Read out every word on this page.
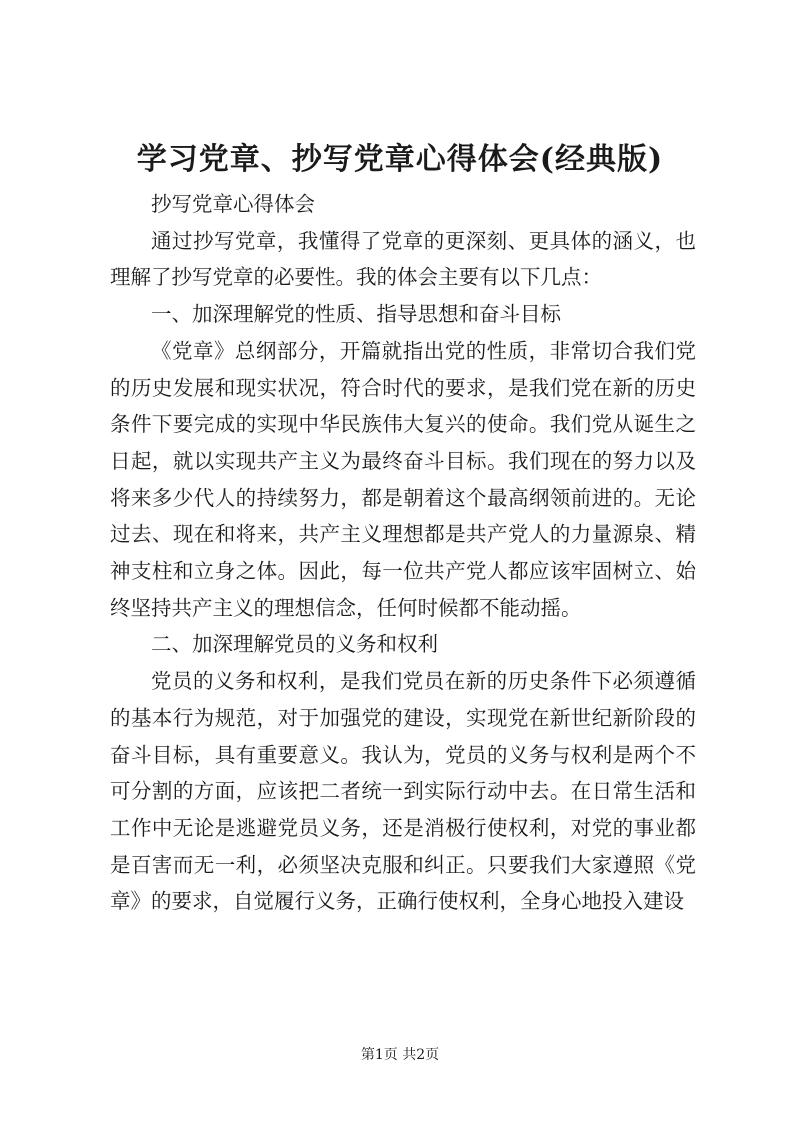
学习党章、抄写党章心得体会(经典版)

抄写党章心得体会

通过抄写党章，我懂得了党章的更深刻、更具体的涵义，也理解了抄写党章的必要性。我的体会主要有以下几点：

一、加深理解党的性质、指导思想和奋斗目标

《党章》总纲部分，开篇就指出党的性质，非常切合我们党的历史发展和现实状况，符合时代的要求，是我们党在新的历史条件下要完成的实现中华民族伟大复兴的使命。我们党从诞生之日起，就以实现共产主义为最终奋斗目标。我们现在的努力以及将来多少代人的持续努力，都是朝着这个最高纲领前进的。无论过去、现在和将来，共产主义理想都是共产党人的力量源泉、精神支柱和立身之体。因此，每一位共产党人都应该牢固树立、始终坚持共产主义的理想信念，任何时候都不能动摇。

二、加深理解党员的义务和权利

党员的义务和权利，是我们党员在新的历史条件下必须遵循的基本行为规范，对于加强党的建设，实现党在新世纪新阶段的奋斗目标，具有重要意义。我认为，党员的义务与权利是两个不可分割的方面，应该把二者统一到实际行动中去。在日常生活和工作中无论是逃避党员义务，还是消极行使权利，对党的事业都是百害而无一利，必须坚决克服和纠正。只要我们大家遵照《党章》的要求，自觉履行义务，正确行使权利，全身心地投入建设

第1页 共2页
